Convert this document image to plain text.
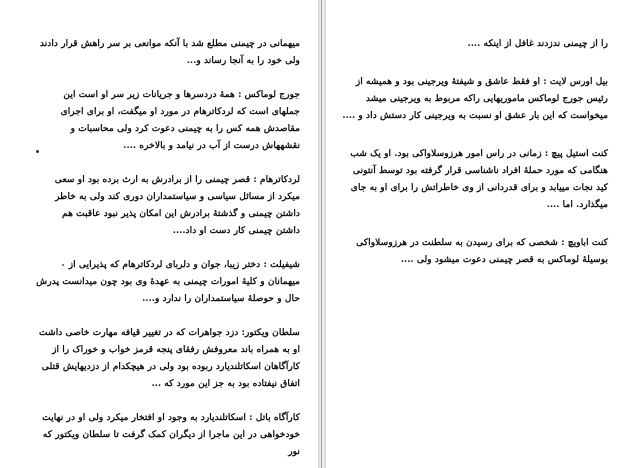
را از چیمنی ندزدند غافل از اینکه ....

بیل اورس لایت : او فقط عاشق و شیفتهٔ ویرجینی بود و همیشه از رئیس جورج لوماکس ماموریهایی راکه مربوط به ویرجینی میشد میخواست که این بار عشق او نسبت به ویرجینی کار دستش داد و ....

کنت استیل پیچ : زمانی در راس امور هرزوسلاواکی بود. او یک شب هنگامی که مورد حملهٔ افراد ناشناسی قرار گرفته بود توسط آنتونی کید نجات مییابد و برای قدردانی از وی خاطراتش را برای او به جای میگذارد. اما ....

کنت اباویچ : شخصی که برای رسیدن به سلطنت در هرزوسلاواکی بوسیلهٔ لوماکس به قصر چیمنی دعوت میشود ولی ....

میهمانی در چیمنی مطلع شد با آنکه موانعی بر سر راهش قرار دادند ولی خود را به آنجا رساند و...

جورج لوماکس : همهٔ دردسرها و جریانات زیر سر او است این جملهای است که لردکاترهام در مورد او میگفت، او برای اجرای مقاصدش همه کس را به چیمنی دعوت کرد ولی محاسبات و نقشههاش درست از آب در نیامد و بالاخره ....

لردکاترهام : قصر چیمنی را از برادرش به ارث برده بود او سعی میکرد از مسائل سیاسی و سیاستمداران دوری کند ولی به خاطر داشتن چیمنی و گذشتهٔ برادرش این امکان پذیر نبود عاقبت هم داشتن چیمنی کار دست او داد....

شیفیلت : دختر زیبا، جوان و دلربای لردکاترهام که پذیرایی از میهمانان و کلیهٔ امورات چیمنی به عهدهٔ وی بود چون میدانست پدرش حال و حوصلهٔ سیاستمداران را ندارد و....

سلطان ویکتور: دزد جواهرات که در تغییر قیافه مهارت خاصی داشت او به همراه باند معروفش رفقای پنجه قرمز خواب و خوراک را از کارآگاهان اسکاتلندیارد ربوده بود ولی در هیچکدام از دزدیهایش قتلی اتفاق نیفتاده بود به جز این مورد که ...

کارآگاه باتل : اسکاتلندیارد به وجود او افتخار میکرد ولی او در نهایت خودخواهی در این ماجرا از دیگران کمک گرفت تا سلطان ویکتور که نور
